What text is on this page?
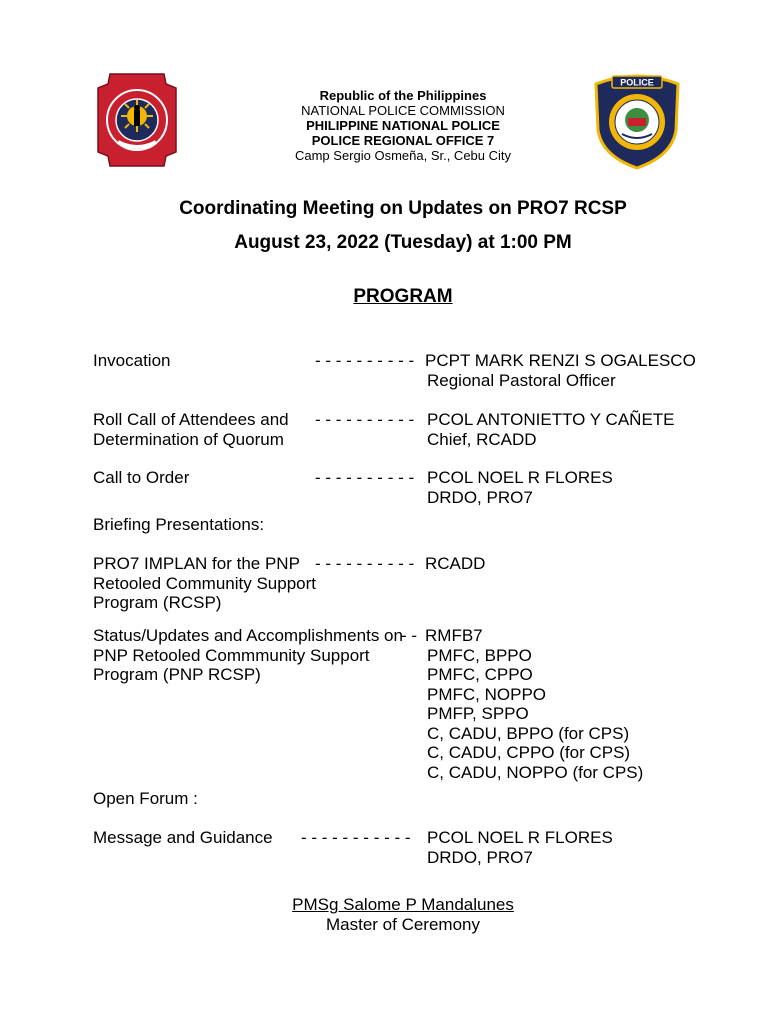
Republic of the Philippines
NATIONAL POLICE COMMISSION
PHILIPPINE NATIONAL POLICE
POLICE REGIONAL OFFICE 7
Camp Sergio Osmeña, Sr., Cebu City
POLICE
Coordinating Meeting on Updates on PRO7 RCSP
August 23, 2022 (Tuesday) at 1:00 PM
PROGRAM
Invocation	- - - - - - - - - - PCPT MARK RENZI S OGALESCO
Regional Pastoral Officer
Roll Call of Attendees and Determination of Quorum
- - - - - - - - - - PCOL ANTONIETTO Y CAÑETE
Chief, RCADD
Call to Order	- - - - - - - - - - PCOL NOEL R FLORES
DRDO, PRO7
Briefing Presentations:
PRO7 IMPLAN for the PNP Retooled Community Support Program (RCSP)
- - - - - - - - - - RCADD
Status/Updates and Accomplishments on PNP Retooled Commmunity Support Program (PNP RCSP)
- - RMFB7
PMFC, BPPO
PMFC, CPPO
PMFC, NOPPO
PMFP, SPPO
C, CADU, BPPO (for CPS)
C, CADU, CPPO (for CPS)
C, CADU, NOPPO (for CPS)
Open Forum :
Message and Guidance	- - - - - - - - - - - PCOL NOEL R FLORES
DRDO, PRO7
PMSg Salome P Mandalunes
Master of Ceremony
